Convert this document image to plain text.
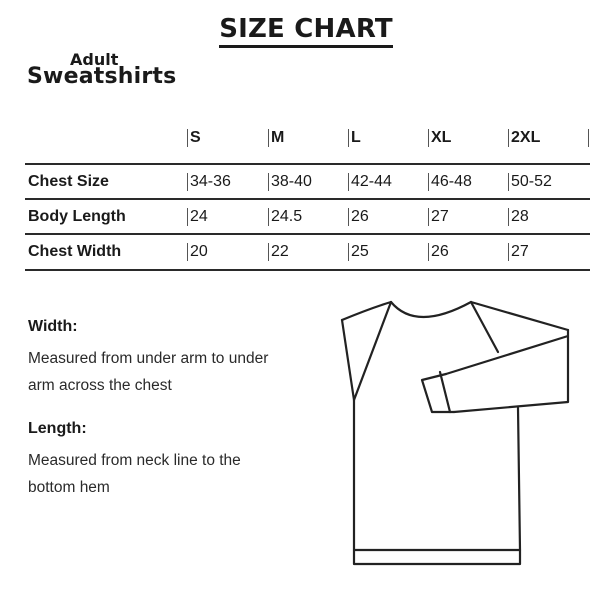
SIZE CHART
Adult
Sweatshirts
S	M	L	XL	2XL
Chest Size	34-36	38-40 42-44 46-48 50-52
Body Length	24	24.5	26	27	28
Chest Width	20	22	25	26	27
Width:
Measured from under arm to under
arm across the chest
Length:
Measured from neck line to the
bottom hem
